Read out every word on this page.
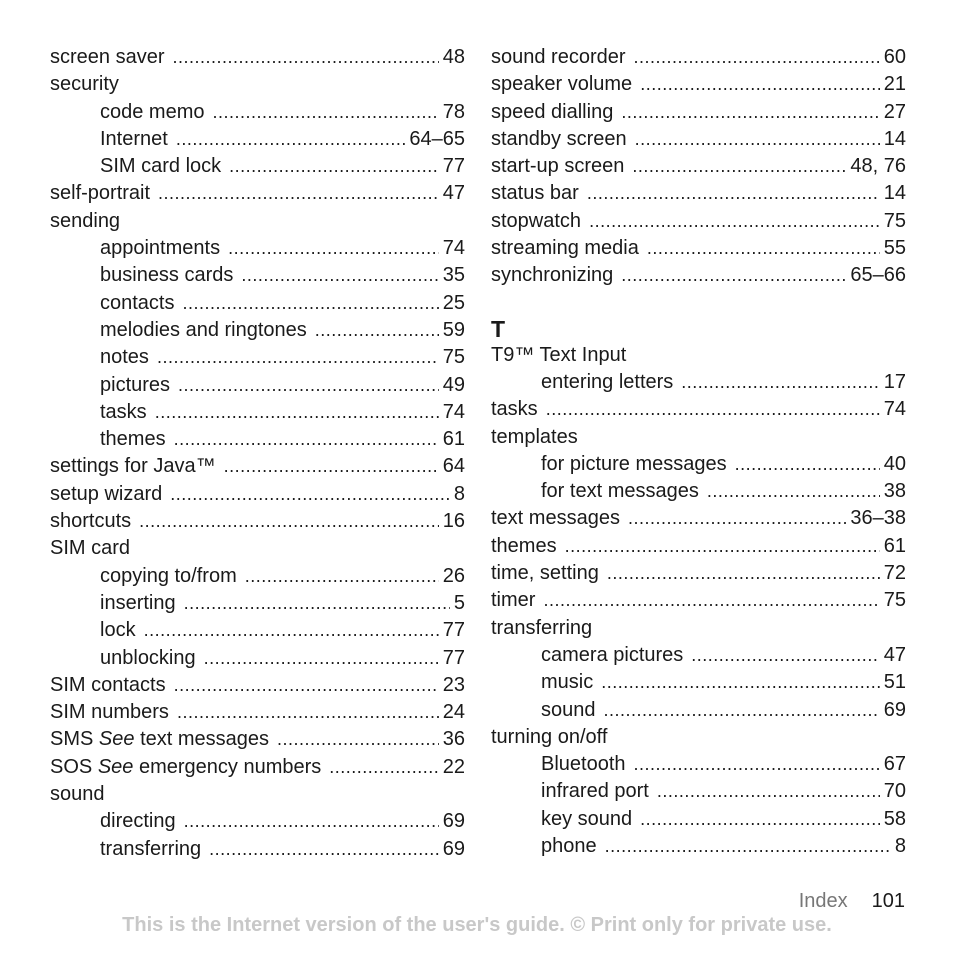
screen saver .....	48
security
code memo .....	78
Internet .....	64–65
SIM card lock .....	77
self-portrait .....	47
sending
appointments .....	74
business cards .....	35
contacts .....	25
melodies and ringtones .....	59
notes .....	75
pictures .....	49
tasks .....	74
themes .....	61
settings for Java™ .....	64
setup wizard .....	8
shortcuts .....	16
SIM card
copying to/from .....	26
inserting .....	5
lock .....	77
unblocking .....	77
SIM contacts .....	23
SIM numbers .....	24
SMS See text messages .....	36
SOS See emergency numbers .....	22
sound
directing .....	69
transferring .....	69
sound recorder .....	60
speaker volume .....	21
speed dialling .....	27
standby screen .....	14
start-up screen .....	48, 76
status bar .....	14
stopwatch .....	75
streaming media .....	55
synchronizing .....	65–66
T
T9™ Text Input
entering letters .....	17
tasks .....	74
templates
for picture messages .....	40
for text messages .....	38
text messages .....	36–38
themes .....	61
time, setting .....	72
timer .....	75
transferring
camera pictures .....	47
music .....	51
sound .....	69
turning on/off
Bluetooth .....	67
infrared port .....	70
key sound .....	58
phone .....	8
Index 101
This is the Internet version of the user's guide. © Print only for private use.
